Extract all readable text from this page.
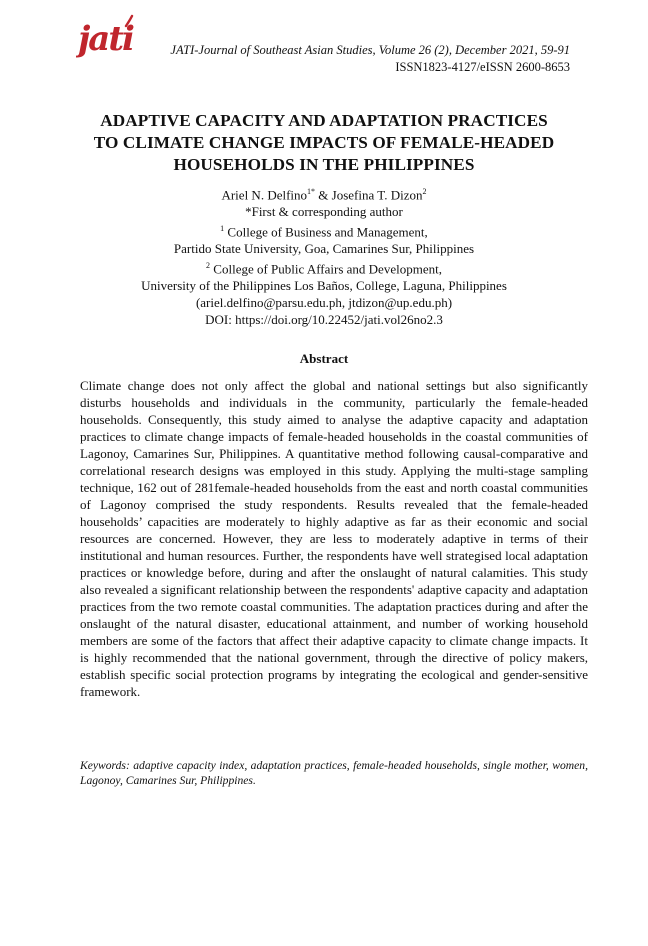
jati	JATI-Journal of Southeast Asian Studies, Volume 26 (2), December 2021, 59-91
ISSN1823-4127/eISSN 2600-8653
ADAPTIVE CAPACITY AND ADAPTATION PRACTICES
TO CLIMATE CHANGE IMPACTS OF FEMALE-HEADED
HOUSEHOLDS IN THE PHILIPPINES
Ariel N. Delfino$^{1*}$ & Josefina T. Dizon$^2$
*First & corresponding author
$^1$ College of Business and Management,
Partido State University, Goa, Camarines Sur, Philippines
$^2$ College of Public Affairs and Development,
University of the Philippines Los Baños, College, Laguna, Philippines
(ariel.delfino@parsu.edu.ph, jtdizon@up.edu.ph)
DOI: https://doi.org/10.22452/jati.vol26no2.3
Abstract

Climate change does not only affect the global and national settings but also significantly disturbs households and individuals in the community, particularly the female-headed households. Consequently, this study aimed to analyse the adaptive capacity and adaptation practices to climate change impacts of female-headed households in the coastal communities of Lagonoy, Camarines Sur, Philippines. A quantitative method following causal-comparative and correlational research designs was employed in this study. Applying the multi-stage sampling technique, 162 out of 281female-headed households from the east and north coastal communities of Lagonoy comprised the study respondents. Results revealed that the female-headed households’ capacities are moderately to highly adaptive as far as their economic and social resources are concerned. However, they are less to moderately adaptive in terms of their institutional and human resources. Further, the respondents have well strategised local adaptation practices or knowledge before, during and after the onslaught of natural calamities. This study also revealed a significant relationship between the respondents' adaptive capacity and adaptation practices from the two remote coastal communities. The adaptation practices during and after the onslaught of the natural disaster, educational attainment, and number of working household members are some of the factors that affect their adaptive capacity to climate change impacts. It is highly recommended that the national government, through the directive of policy makers, establish specific social protection programs by integrating the ecological and gender-sensitive framework.

Keywords: adaptive capacity index, adaptation practices, female-headed households, single mother, women, Lagonoy, Camarines Sur, Philippines.
